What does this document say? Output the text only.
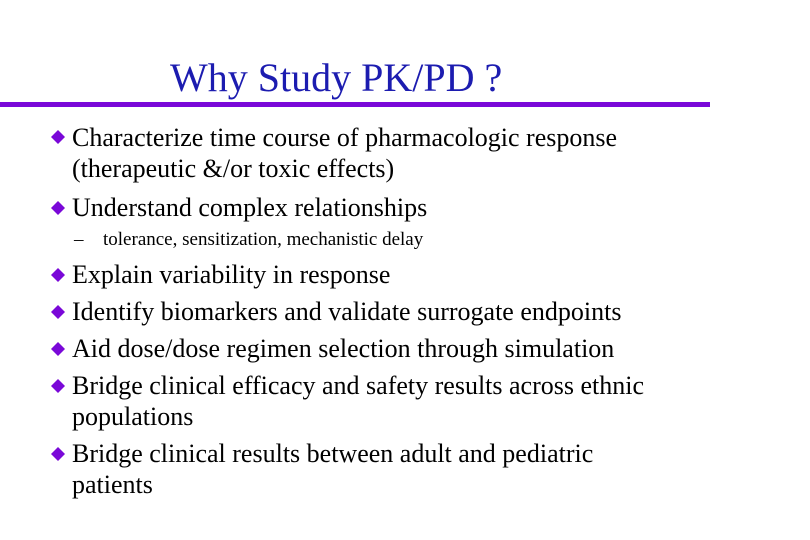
Why Study PK/PD ?
Characterize time course of pharmacologic response
(therapeutic &/or toxic effects)
Understand complex relationships
– tolerance, sensitization, mechanistic delay
Explain variability in response
Identify biomarkers and validate surrogate endpoints
Aid dose/dose regimen selection through simulation
Bridge clinical efficacy and safety results across ethnic
populations
Bridge clinical results between adult and pediatric
patients
